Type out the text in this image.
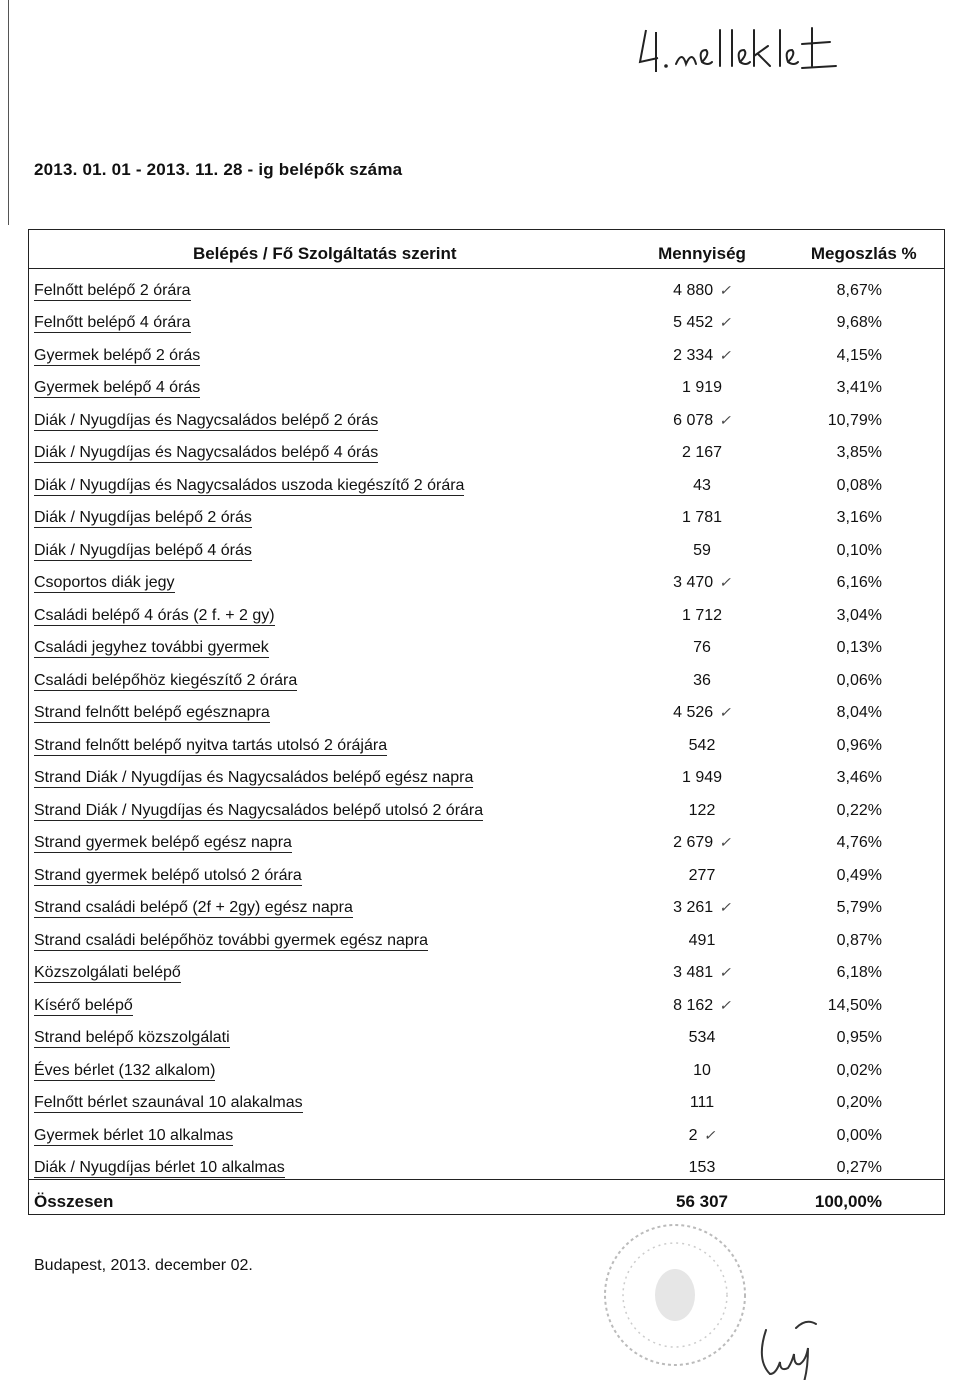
2013. 01. 01 - 2013. 11. 28 - ig belépők száma
Belépés / Fő Szolgáltatás szerint	Mennyiség	Megoszlás %
Felnőtt belépő 2 órára	4 880 ✓	8,67%
Felnőtt belépő 4 órára	5 452 ✓	9,68%
Gyermek belépő 2 órás	2 334 ✓	4,15%
Gyermek belépő 4 órás	1 919	3,41%
Diák / Nyugdíjas és Nagycsaládos belépő 2 órás	6 078 ✓	10,79%
Diák / Nyugdíjas és Nagycsaládos belépő 4 órás	2 167	3,85%
Diák / Nyugdíjas és Nagycsaládos uszoda kiegészítő 2 órára	43	0,08%
Diák / Nyugdíjas belépő 2 órás	1 781	3,16%
Diák / Nyugdíjas belépő 4 órás	59	0,10%
Csoportos diák jegy	3 470 ✓	6,16%
Családi belépő 4 órás (2 f. + 2 gy)	1 712	3,04%
Családi jegyhez további gyermek	76	0,13%
Családi belépőhöz kiegészítő 2 órára	36	0,06%
Strand felnőtt belépő egésznapra	4 526 ✓	8,04%
Strand felnőtt belépő nyitva tartás utolsó 2 órájára	542	0,96%
Strand Diák / Nyugdíjas és Nagycsaládos belépő egész napra	1 949	3,46%
Strand Diák / Nyugdíjas és Nagycsaládos belépő utolsó 2 órára	122	0,22%
Strand gyermek belépő egész napra	2 679 ✓	4,76%
Strand gyermek belépő utolsó 2 órára	277	0,49%
Strand családi belépő (2f + 2gy) egész napra	3 261 ✓	5,79%
Strand családi belépőhöz további gyermek egész napra	491	0,87%
Közszolgálati belépő	3 481 ✓	6,18%
Kísérő belépő	8 162 ✓	14,50%
Strand belépő közszolgálati	534	0,95%
Éves bérlet (132 alkalom)	10	0,02%
Felnőtt bérlet szaunával 10 alakalmas	111	0,20%
Gyermek bérlet 10 alkalmas	2 ✓	0,00%
Diák / Nyugdíjas bérlet 10 alkalmas	153	0,27%
Összesen	56 307	100,00%
Budapest, 2013. december 02.
